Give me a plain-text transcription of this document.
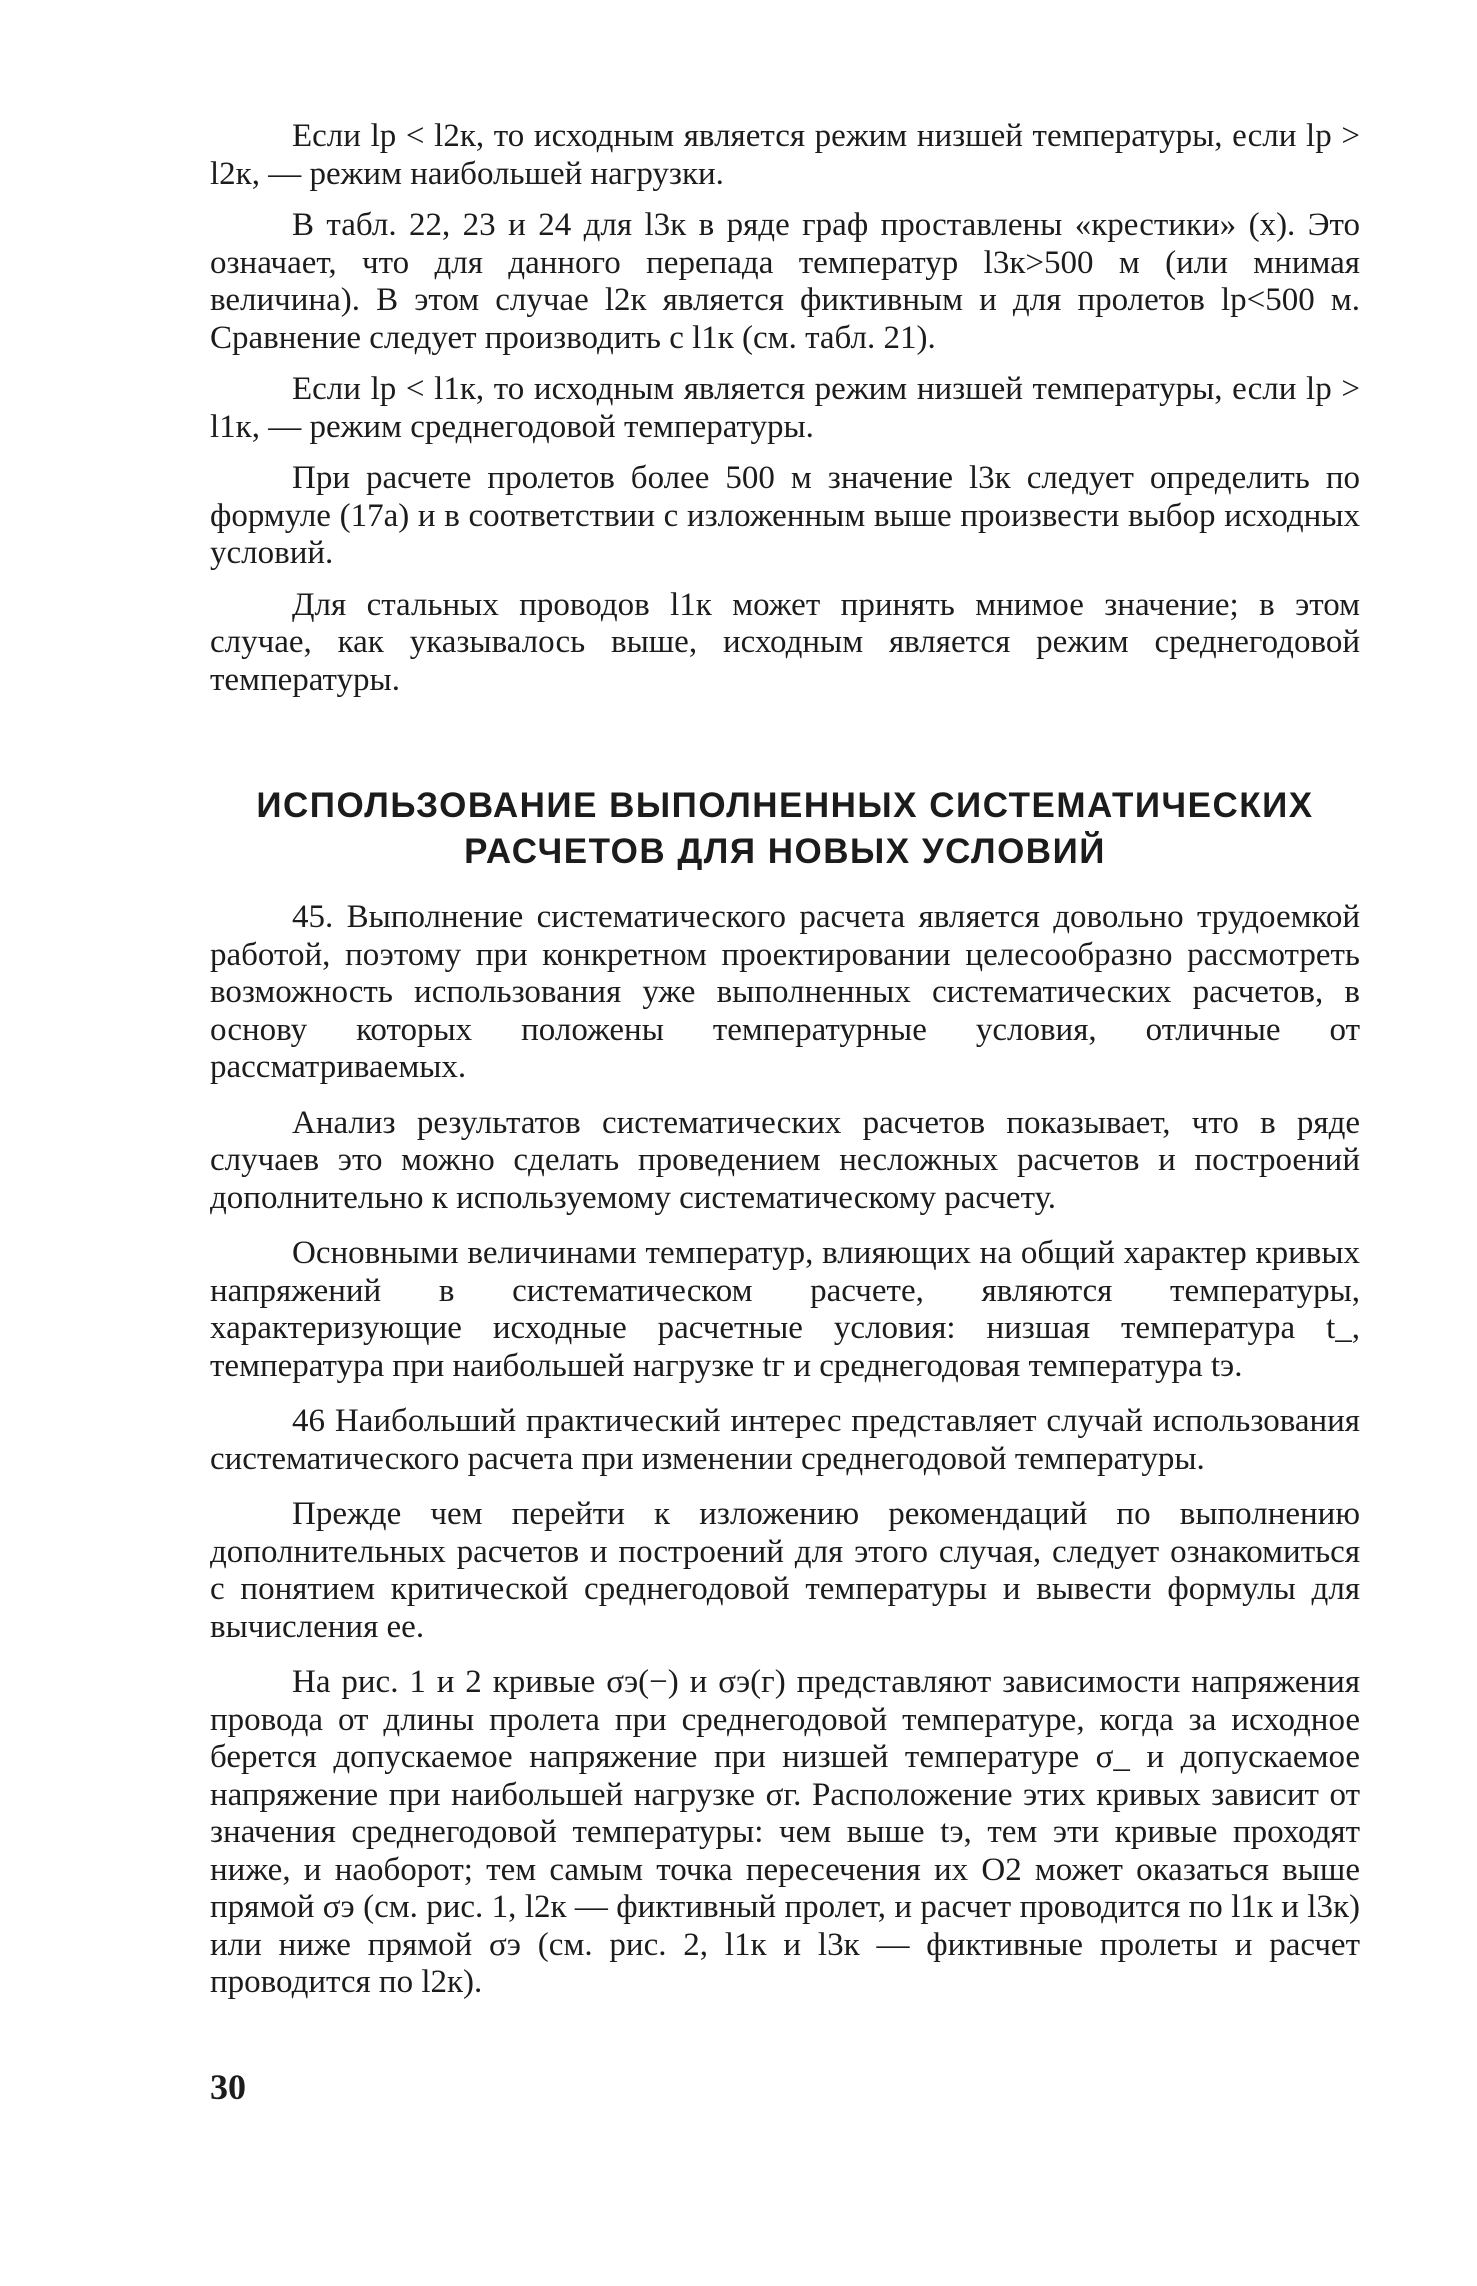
Если lp < l2к, то исходным является режим низшей температуры, если lp > l2к, — режим наибольшей нагрузки.

В табл. 22, 23 и 24 для l3к в ряде граф проставлены «крестики» (x). Это означает, что для данного перепада температур l3к>500 м (или мнимая величина). В этом случае l2к является фиктивным и для пролетов lp<500 м. Сравнение следует производить с l1к (см. табл. 21).

Если lp < l1к, то исходным является режим низшей температуры, если lp > l1к, — режим среднегодовой температуры.

При расчете пролетов более 500 м значение l3к следует определить по формуле (17а) и в соответствии с изложенным выше произвести выбор исходных условий.

Для стальных проводов l1к может принять мнимое значение; в этом случае, как указывалось выше, исходным является режим среднегодовой температуры.

ИСПОЛЬЗОВАНИЕ ВЫПОЛНЕННЫХ СИСТЕМАТИЧЕСКИХ
РАСЧЕТОВ ДЛЯ НОВЫХ УСЛОВИЙ

45. Выполнение систематического расчета является довольно трудоемкой работой, поэтому при конкретном проектировании целесообразно рассмотреть возможность использования уже выполненных систематических расчетов, в основу которых положены температурные условия, отличные от рассматриваемых.

Анализ результатов систематических расчетов показывает, что в ряде случаев это можно сделать проведением несложных расчетов и построений дополнительно к используемому систематическому расчету.

Основными величинами температур, влияющих на общий характер кривых напряжений в систематическом расчете, являются температуры, характеризующие исходные расчетные условия: низшая температура t_, температура при наибольшей нагрузке tг и среднегодовая температура tэ.

46 Наибольший практический интерес представляет случай использования систематического расчета при изменении среднегодовой температуры.

Прежде чем перейти к изложению рекомендаций по выполнению дополнительных расчетов и построений для этого случая, следует ознакомиться с понятием критической среднегодовой температуры и вывести формулы для вычисления ее.

На рис. 1 и 2 кривые σэ(−) и σэ(г) представляют зависимости напряжения провода от длины пролета при среднегодовой температуре, когда за исходное берется допускаемое напряжение при низшей температуре σ_ и допускаемое напряжение при наибольшей нагрузке σг. Расположение этих кривых зависит от значения среднегодовой температуры: чем выше tэ, тем эти кривые проходят ниже, и наоборот; тем самым точка пересечения их O2 может оказаться выше прямой σэ (см. рис. 1, l2к — фиктивный пролет, и расчет проводится по l1к и l3к) или ниже прямой σэ (см. рис. 2, l1к и l3к — фиктивные пролеты и расчет проводится по l2к).

30
